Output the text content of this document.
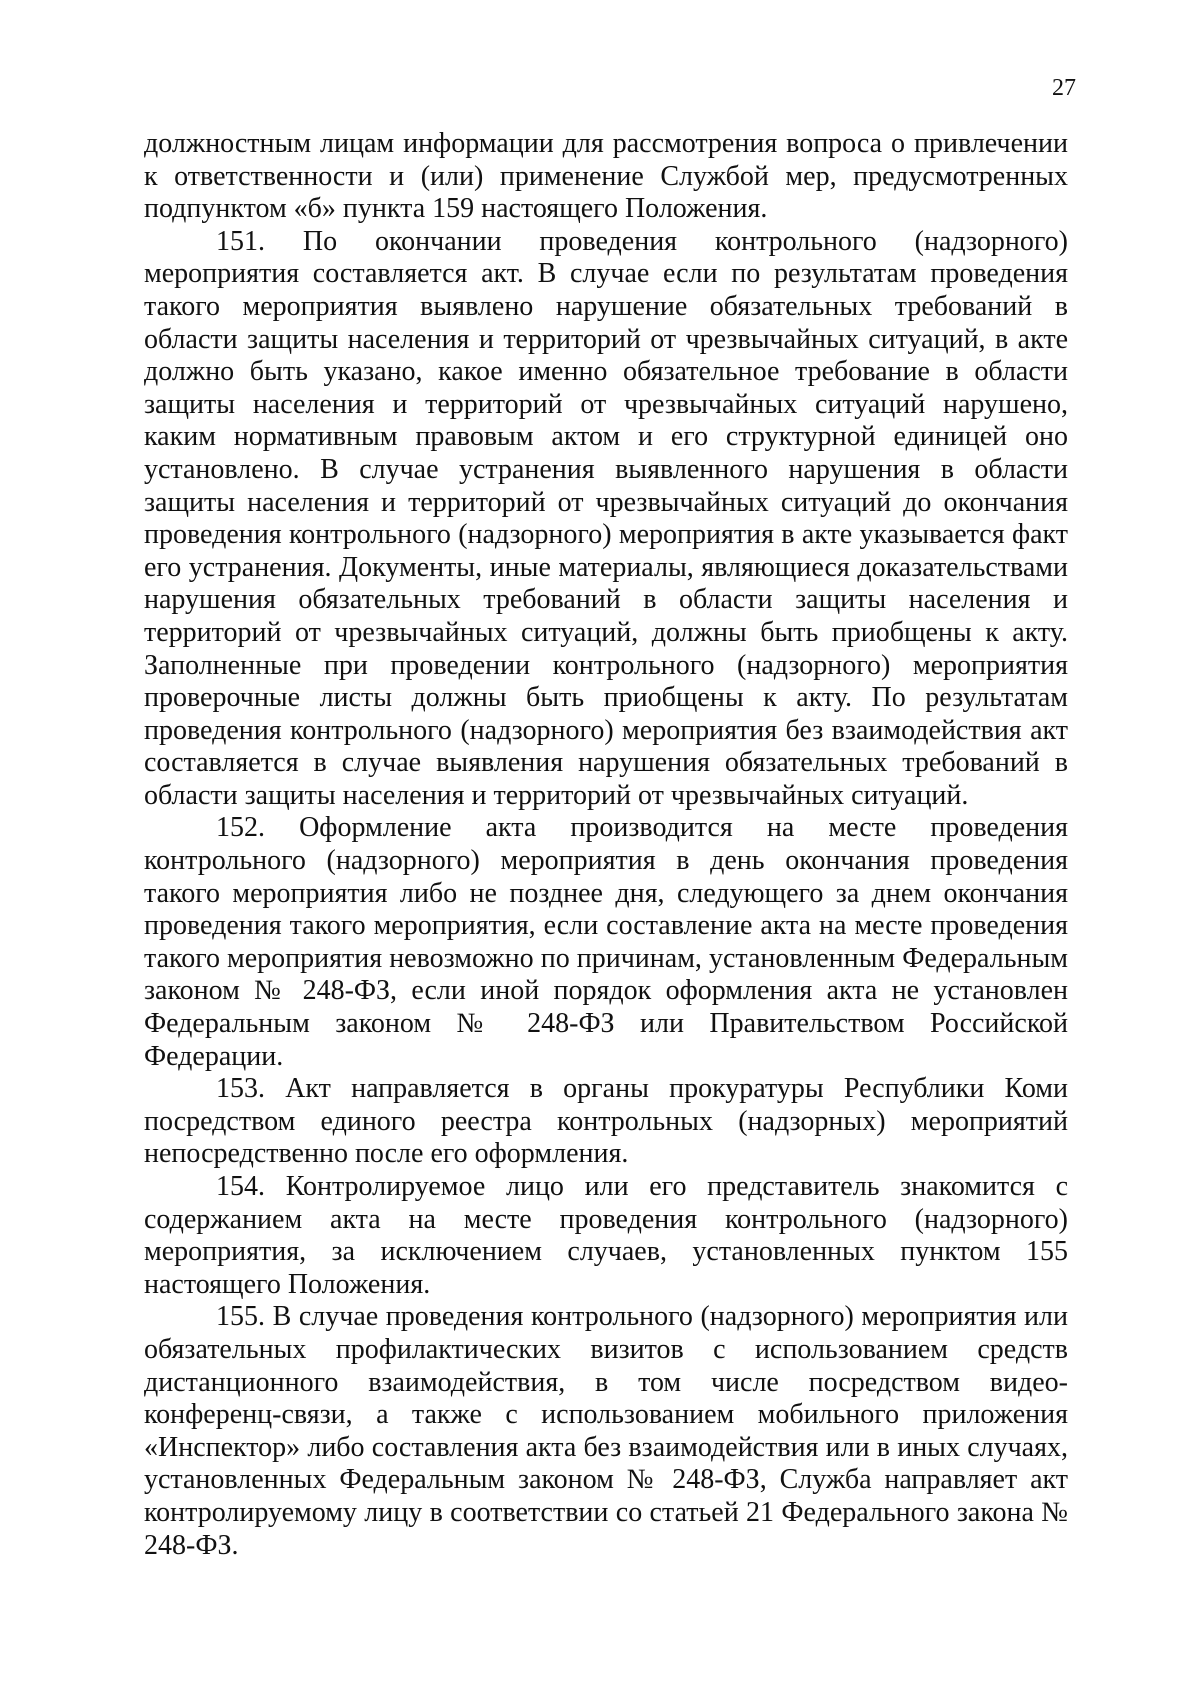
27

должностным лицам информации для рассмотрения вопроса о привлечении к ответственности и (или) применение Службой мер, предусмотренных подпунктом «б» пункта 159 настоящего Положения.

151. По окончании проведения контрольного (надзорного) мероприятия составляется акт. В случае если по результатам проведения такого мероприятия выявлено нарушение обязательных требований в области защиты населения и территорий от чрезвычайных ситуаций, в акте должно быть указано, какое именно обязательное требование в области защиты населения и территорий от чрезвычайных ситуаций нарушено, каким нормативным правовым актом и его структурной единицей оно установлено. В случае устранения выявленного нарушения в области защиты населения и территорий от чрезвычайных ситуаций до окончания проведения контрольного (надзорного) мероприятия в акте указывается факт его устранения. Документы, иные материалы, являющиеся доказательствами нарушения обязательных требований в области защиты населения и территорий от чрезвычайных ситуаций, должны быть приобщены к акту. Заполненные при проведении контрольного (надзорного) мероприятия проверочные листы должны быть приобщены к акту. По результатам проведения контрольного (надзорного) мероприятия без взаимодействия акт составляется в случае выявления нарушения обязательных требований в области защиты населения и территорий от чрезвычайных ситуаций.

152. Оформление акта производится на месте проведения контрольного (надзорного) мероприятия в день окончания проведения такого мероприятия либо не позднее дня, следующего за днем окончания проведения такого мероприятия, если составление акта на месте проведения такого мероприятия невозможно по причинам, установленным Федеральным законом № 248-ФЗ, если иной порядок оформления акта не установлен Федеральным законом № 248-ФЗ или Правительством Российской Федерации.

153. Акт направляется в органы прокуратуры Республики Коми посредством единого реестра контрольных (надзорных) мероприятий непосредственно после его оформления.

154. Контролируемое лицо или его представитель знакомится с содержанием акта на месте проведения контрольного (надзорного) мероприятия, за исключением случаев, установленных пунктом 155 настоящего Положения.

155. В случае проведения контрольного (надзорного) мероприятия или обязательных профилактических визитов с использованием средств дистанционного взаимодействия, в том числе посредством видео-конференц-связи, а также с использованием мобильного приложения «Инспектор» либо составления акта без взаимодействия или в иных случаях, установленных Федеральным законом № 248-ФЗ, Служба направляет акт контролируемому лицу в соответствии со статьей 21 Федерального закона № 248-ФЗ.
